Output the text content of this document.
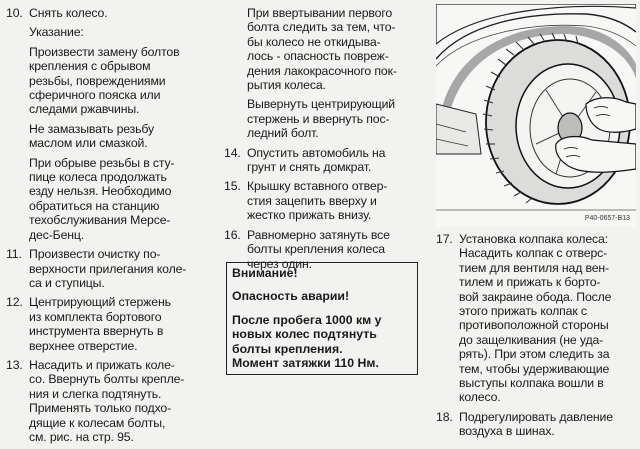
10. Снять колесо.
Указание:
Произвести замену болтов
крепления с обрывом
резьбы, повреждениями
сферичного пояска или
следами ржавчины.
Не замазывать резьбу
маслом или смазкой.
При обрыве резьбы в сту-
пице колеса продолжать
езду нельзя. Необходимо
обратиться на станцию
техобслуживания Мерсе-
дес-Бенц.
11. Произвести очистку по-
верхности прилегания коле-
са и ступицы.
12. Центрирующий стержень
из комплекта бортового
инструмента ввернуть в
верхнее отверстие.
13. Насадить и прижать коле-
со. Ввернуть болты крепле-
ния и слегка подтянуть.
Применять только подхо-
дящие к колесам болты,
см. рис. на стр. 95.
При ввертывании первого
болта следить за тем, что-
бы колесо не откидыва-
лось - опасность повреж-
дения лакокрасочного пок-
рытия колеса.
Вывернуть центрирующий
стержень и ввернуть пос-
ледний болт.
14. Опустить автомобиль на
грунт и снять домкрат.
15. Крышку вставного отвер-
стия зацепить вверху и
жестко прижать внизу.
16. Равномерно затянуть все
болты крепления колеса
через один.
Внимание!
Опасность аварии!
После пробега 1000 км у
новых колес подтянуть
болты крепления.
Момент затяжки 110 Нм.
P40-0657-B13
17. Установка колпака колеса:
Насадить колпак с отверс-
тием для вентиля над вен-
тилем и прижать к борто-
вой закраине обода. После
этого прижать колпак с
противоположной стороны
до защелкивания (не уда-
рять). При этом следить за
тем, чтобы удерживающие
выступы колпака вошли в
колесо.
18. Подрегулировать давление
воздуха в шинах.
